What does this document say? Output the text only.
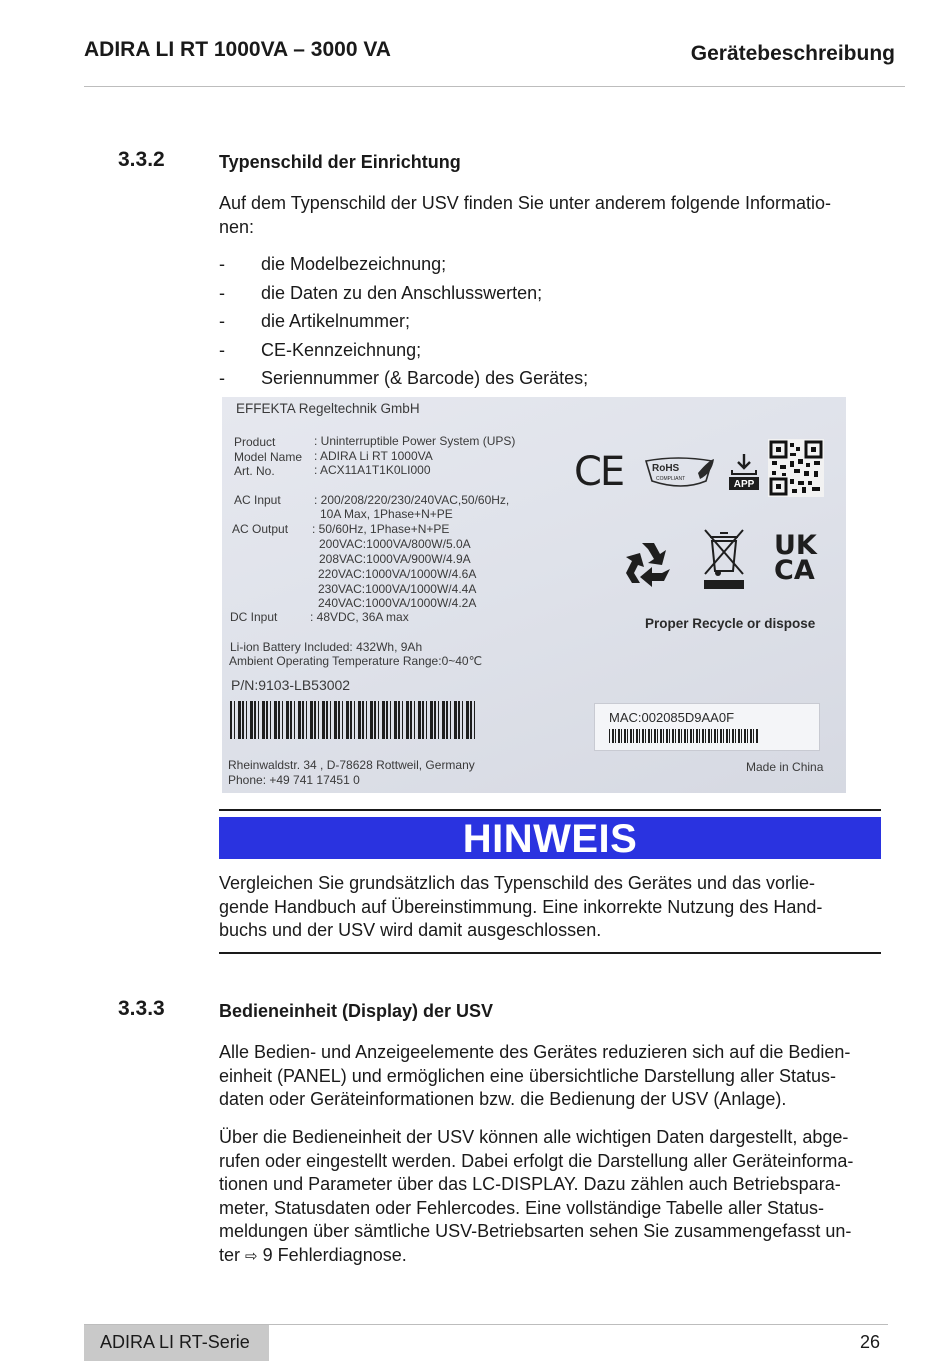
ADIRA LI RT 1000VA – 3000 VA	Gerätebeschreibung
3.3.2	Typenschild der Einrichtung

Auf dem Typenschild der USV finden Sie unter anderem folgende Informatio-

nen:

- die Modelbezeichnung;
- die Daten zu den Anschlusswerten;
- die Artikelnummer;
- CE-Kennzeichnung;
- Seriennummer (& Barcode) des Gerätes;
EFFEKTA Regeltechnik GmbH
Product	: Uninterruptible Power System (UPS)
Model Name : ADIRA Li RT 1000VA
Art. No.	: ACX11A1T1K0LI000
AC Input	: 200/208/220/230/240VAC,50/60Hz,
10A Max, 1Phase+N+PE
AC Output : 50/60Hz, 1Phase+N+PE
200VAC:1000VA/800W/5.0A
208VAC:1000VA/900W/4.9A
220VAC:1000VA/1000W/4.6A
230VAC:1000VA/1000W/4.4A
240VAC:1000VA/1000W/4.2A
DC Input	: 48VDC, 36A max
Li-ion Battery Included: 432Wh, 9Ah
Ambient Operating Temperature Range:0~40℃
P/N:9103-LB53002
MAC:002085D9AA0F
CE	RoHS
COMPLIANT	APP
UK
CA
Proper Recycle or dispose
Rheinwaldstr. 34 , D-78628 Rottweil, Germany
Phone: +49 741 17451 0
Made in China
HINWEIS

Vergleichen Sie grundsätzlich das Typenschild des Gerätes und das vorlie-

gende Handbuch auf Übereinstimmung. Eine inkorrekte Nutzung des Hand-

buchs und der USV wird damit ausgeschlossen.

3.3.3	Bedieneinheit (Display) der USV

Alle Bedien- und Anzeigeelemente des Gerätes reduzieren sich auf die Bedien-

einheit (PANEL) und ermöglichen eine übersichtliche Darstellung aller Status-

daten oder Geräteinformationen bzw. die Bedienung der USV (Anlage).

Über die Bedieneinheit der USV können alle wichtigen Daten dargestellt, abge-

rufen oder eingestellt werden. Dabei erfolgt die Darstellung aller Geräteinforma-

tionen und Parameter über das LC-DISPLAY. Dazu zählen auch Betriebspara-

meter, Statusdaten oder Fehlercodes. Eine vollständige Tabelle aller Status-

meldungen über sämtliche USV-Betriebsarten sehen Sie zusammengefasst un-

ter ⇨ 9 Fehlerdiagnose.

ADIRA LI RT-Serie	26
